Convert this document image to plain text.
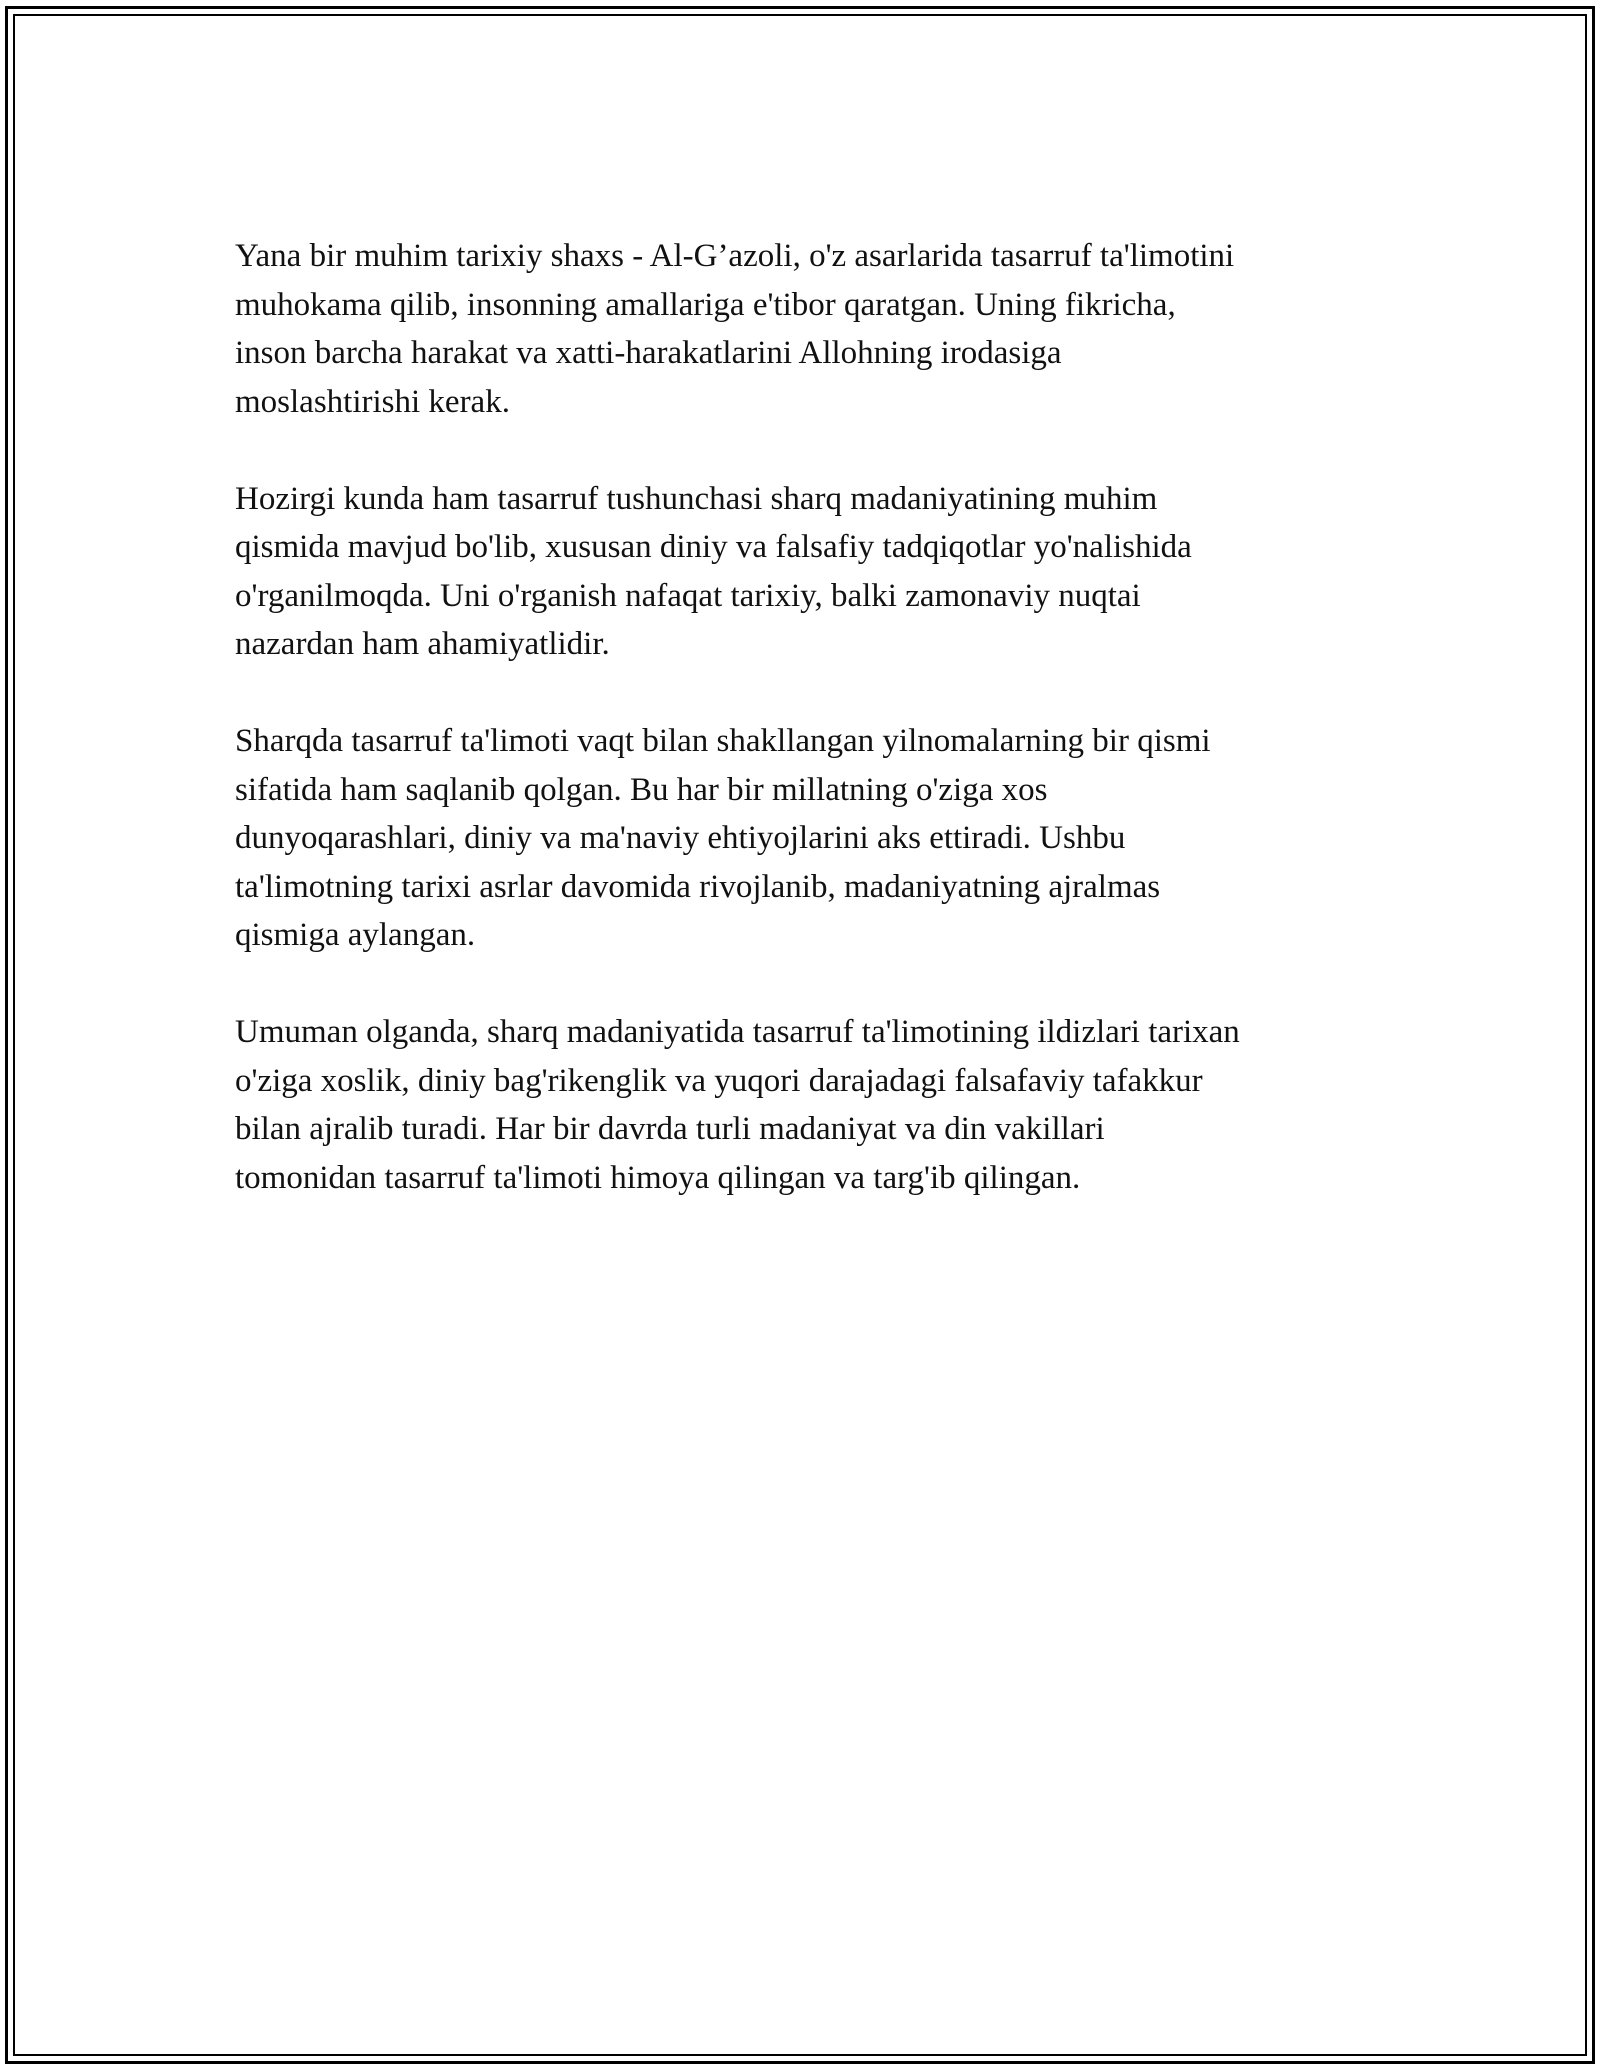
Yana bir muhim tarixiy shaxs - Al-G’azoli, o'z asarlarida tasarruf ta'limotini
muhokama qilib, insonning amallariga e'tibor qaratgan. Uning fikricha,
inson barcha harakat va xatti-harakatlarini Allohning irodasiga
moslashtirishi kerak.

Hozirgi kunda ham tasarruf tushunchasi sharq madaniyatining muhim
qismida mavjud bo'lib, xususan diniy va falsafiy tadqiqotlar yo'nalishida
o'rganilmoqda. Uni o'rganish nafaqat tarixiy, balki zamonaviy nuqtai
nazardan ham ahamiyatlidir.

Sharqda tasarruf ta'limoti vaqt bilan shakllangan yilnomalarning bir qismi
sifatida ham saqlanib qolgan. Bu har bir millatning o'ziga xos
dunyoqarashlari, diniy va ma'naviy ehtiyojlarini aks ettiradi. Ushbu
ta'limotning tarixi asrlar davomida rivojlanib, madaniyatning ajralmas
qismiga aylangan.

Umuman olganda, sharq madaniyatida tasarruf ta'limotining ildizlari tarixan
o'ziga xoslik, diniy bag'rikenglik va yuqori darajadagi falsafaviy tafakkur
bilan ajralib turadi. Har bir davrda turli madaniyat va din vakillari
tomonidan tasarruf ta'limoti himoya qilingan va targ'ib qilingan.
